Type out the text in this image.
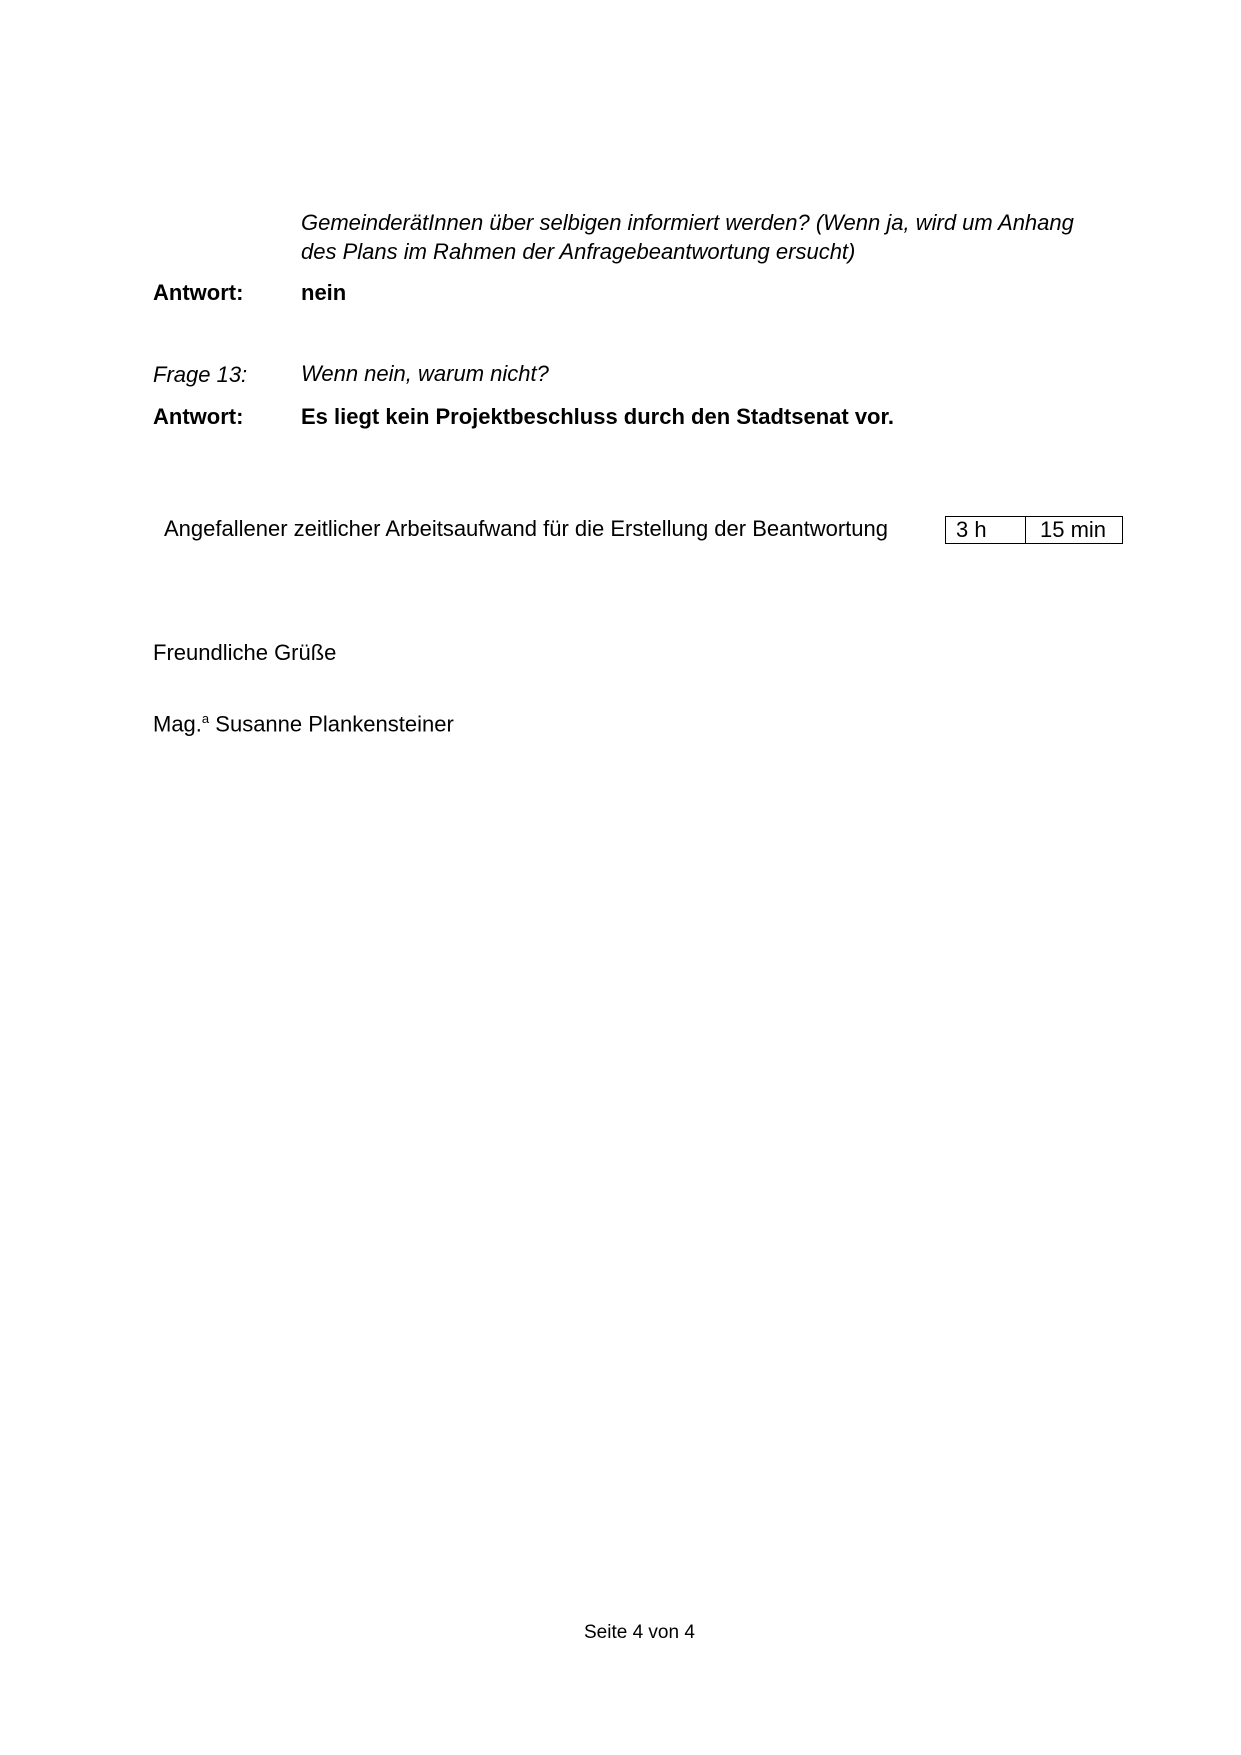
GemeinderätInnen über selbigen informiert werden? (Wenn ja, wird um Anhang
des Plans im Rahmen der Anfragebeantwortung ersucht)
Antwort:	nein
Frage 13: Wenn nein, warum nicht?
Antwort:	Es liegt kein Projektbeschluss durch den Stadtsenat vor.
Angefallener zeitlicher Arbeitsaufwand für die Erstellung der Beantwortung	3 h	15 min
Freundliche Grüße
Mag.$^a$ Susanne Plankensteiner
Seite 4 von 4
